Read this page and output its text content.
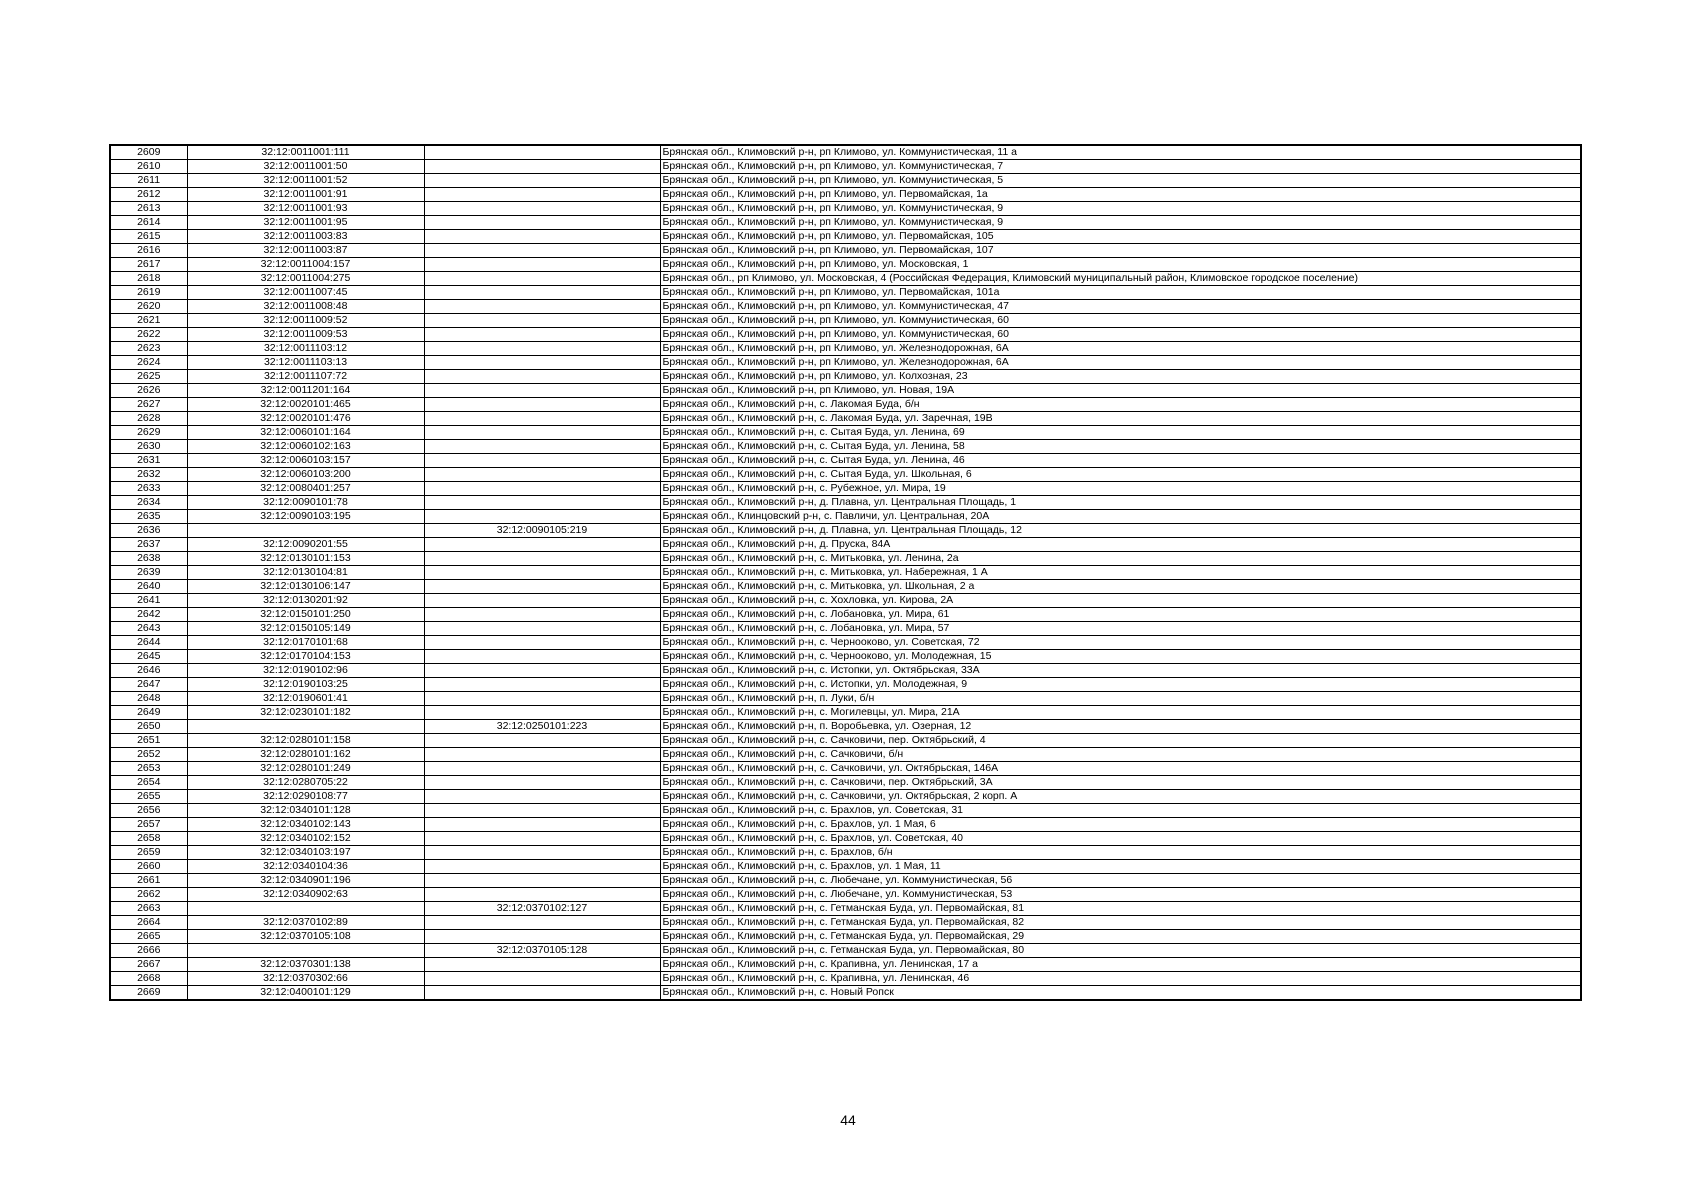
2609	32:12:0011001:111		Брянская обл., Климовский р-н, рп Климово, ул. Коммунистическая, 11 а
2610	32:12:0011001:50		Брянская обл., Климовский р-н, рп Климово, ул. Коммунистическая, 7
2611	32:12:0011001:52		Брянская обл., Климовский р-н, рп Климово, ул. Коммунистическая, 5
2612	32:12:0011001:91		Брянская обл., Климовский р-н, рп Климово, ул. Первомайская, 1а
2613	32:12:0011001:93		Брянская обл., Климовский р-н, рп Климово, ул. Коммунистическая, 9
2614	32:12:0011001:95		Брянская обл., Климовский р-н, рп Климово, ул. Коммунистическая, 9
2615	32:12:0011003:83		Брянская обл., Климовский р-н, рп Климово, ул. Первомайская, 105
2616	32:12:0011003:87		Брянская обл., Климовский р-н, рп Климово, ул. Первомайская, 107
2617	32:12:0011004:157		Брянская обл., Климовский р-н, рп Климово, ул. Московская, 1
2618	32:12:0011004:275		Брянская обл., рп Климово, ул. Московская, 4 (Российская Федерация, Климовский муниципальный район, Климовское городское поселение)
2619	32:12:0011007:45		Брянская обл., Климовский р-н, рп Климово, ул. Первомайская, 101а
2620	32:12:0011008:48		Брянская обл., Климовский р-н, рп Климово, ул. Коммунистическая, 47
2621	32:12:0011009:52		Брянская обл., Климовский р-н, рп Климово, ул. Коммунистическая, 60
2622	32:12:0011009:53		Брянская обл., Климовский р-н, рп Климово, ул. Коммунистическая, 60
2623	32:12:0011103:12		Брянская обл., Климовский р-н, рп Климово, ул. Железнодорожная, 6А
2624	32:12:0011103:13		Брянская обл., Климовский р-н, рп Климово, ул. Железнодорожная, 6А
2625	32:12:0011107:72		Брянская обл., Климовский р-н, рп Климово, ул. Колхозная, 23
2626	32:12:0011201:164		Брянская обл., Климовский р-н, рп Климово, ул. Новая, 19А
2627	32:12:0020101:465		Брянская обл., Климовский р-н, с. Лакомая Буда, б/н
2628	32:12:0020101:476		Брянская обл., Климовский р-н, с. Лакомая Буда, ул. Заречная, 19В
2629	32:12:0060101:164		Брянская обл., Климовский р-н, с. Сытая Буда, ул. Ленина, 69
2630	32:12:0060102:163		Брянская обл., Климовский р-н, с. Сытая Буда, ул. Ленина, 58
2631	32:12:0060103:157		Брянская обл., Климовский р-н, с. Сытая Буда, ул. Ленина, 46
2632	32:12:0060103:200		Брянская обл., Климовский р-н, с. Сытая Буда, ул. Школьная, 6
2633	32:12:0080401:257		Брянская обл., Климовский р-н, с. Рубежное, ул. Мира, 19
2634	32:12:0090101:78		Брянская обл., Климовский р-н, д. Плавна, ул. Центральная Площадь, 1
2635	32:12:0090103:195		Брянская обл., Клинцовский р-н, с. Павличи, ул. Центральная, 20А
2636		32:12:0090105:219	Брянская обл., Климовский р-н, д. Плавна, ул. Центральная Площадь, 12
2637	32:12:0090201:55		Брянская обл., Климовский р-н, д. Пруска, 84А
2638	32:12:0130101:153		Брянская обл., Климовский р-н, с. Митьковка, ул. Ленина, 2а
2639	32:12:0130104:81		Брянская обл., Климовский р-н, с. Митьковка, ул. Набережная, 1 А
2640	32:12:0130106:147		Брянская обл., Климовский р-н, с. Митьковка, ул. Школьная, 2 а
2641	32:12:0130201:92		Брянская обл., Климовский р-н, с. Хохловка, ул. Кирова, 2А
2642	32:12:0150101:250		Брянская обл., Климовский р-н, с. Лобановка, ул. Мира, 61
2643	32:12:0150105:149		Брянская обл., Климовский р-н, с. Лобановка, ул. Мира, 57
2644	32:12:0170101:68		Брянская обл., Климовский р-н, с. Чернооково, ул. Советская, 72
2645	32:12:0170104:153		Брянская обл., Климовский р-н, с. Чернооково, ул. Молодежная, 15
2646	32:12:0190102:96		Брянская обл., Климовский р-н, с. Истопки, ул. Октябрьская, 33А
2647	32:12:0190103:25		Брянская обл., Климовский р-н, с. Истопки, ул. Молодежная, 9
2648	32:12:0190601:41		Брянская обл., Климовский р-н, п. Луки, б/н
2649	32:12:0230101:182		Брянская обл., Климовский р-н, с. Могилевцы, ул. Мира, 21А
2650		32:12:0250101:223	Брянская обл., Климовский р-н, п. Воробьевка, ул. Озерная, 12
2651	32:12:0280101:158		Брянская обл., Климовский р-н, с. Сачковичи, пер. Октябрьский, 4
2652	32:12:0280101:162		Брянская обл., Климовский р-н, с. Сачковичи, б/н
2653	32:12:0280101:249		Брянская обл., Климовский р-н, с. Сачковичи, ул. Октябрьская, 146А
2654	32:12:0280705:22		Брянская обл., Климовский р-н, с. Сачковичи, пер. Октябрьский, 3А
2655	32:12:0290108:77		Брянская обл., Климовский р-н, с. Сачковичи, ул. Октябрьская, 2 корп. А
2656	32:12:0340101:128		Брянская обл., Климовский р-н, с. Брахлов, ул. Советская, 31
2657	32:12:0340102:143		Брянская обл., Климовский р-н, с. Брахлов, ул. 1 Мая, 6
2658	32:12:0340102:152		Брянская обл., Климовский р-н, с. Брахлов, ул. Советская, 40
2659	32:12:0340103:197		Брянская обл., Климовский р-н, с. Брахлов, б/н
2660	32:12:0340104:36		Брянская обл., Климовский р-н, с. Брахлов, ул. 1 Мая, 11
2661	32:12:0340901:196		Брянская обл., Климовский р-н, с. Любечане, ул. Коммунистическая, 56
2662	32:12:0340902:63		Брянская обл., Климовский р-н, с. Любечане, ул. Коммунистическая, 53
2663		32:12:0370102:127	Брянская обл., Климовский р-н, с. Гетманская Буда, ул. Первомайская, 81
2664	32:12:0370102:89		Брянская обл., Климовский р-н, с. Гетманская Буда, ул. Первомайская, 82
2665	32:12:0370105:108		Брянская обл., Климовский р-н, с. Гетманская Буда, ул. Первомайская, 29
2666		32:12:0370105:128	Брянская обл., Климовский р-н, с. Гетманская Буда, ул. Первомайская, 80
2667	32:12:0370301:138		Брянская обл., Климовский р-н, с. Крапивна, ул. Ленинская, 17 а
2668	32:12:0370302:66		Брянская обл., Климовский р-н, с. Крапивна, ул. Ленинская, 46
2669	32:12:0400101:129		Брянская обл., Климовский р-н, с. Новый Ропск
44
